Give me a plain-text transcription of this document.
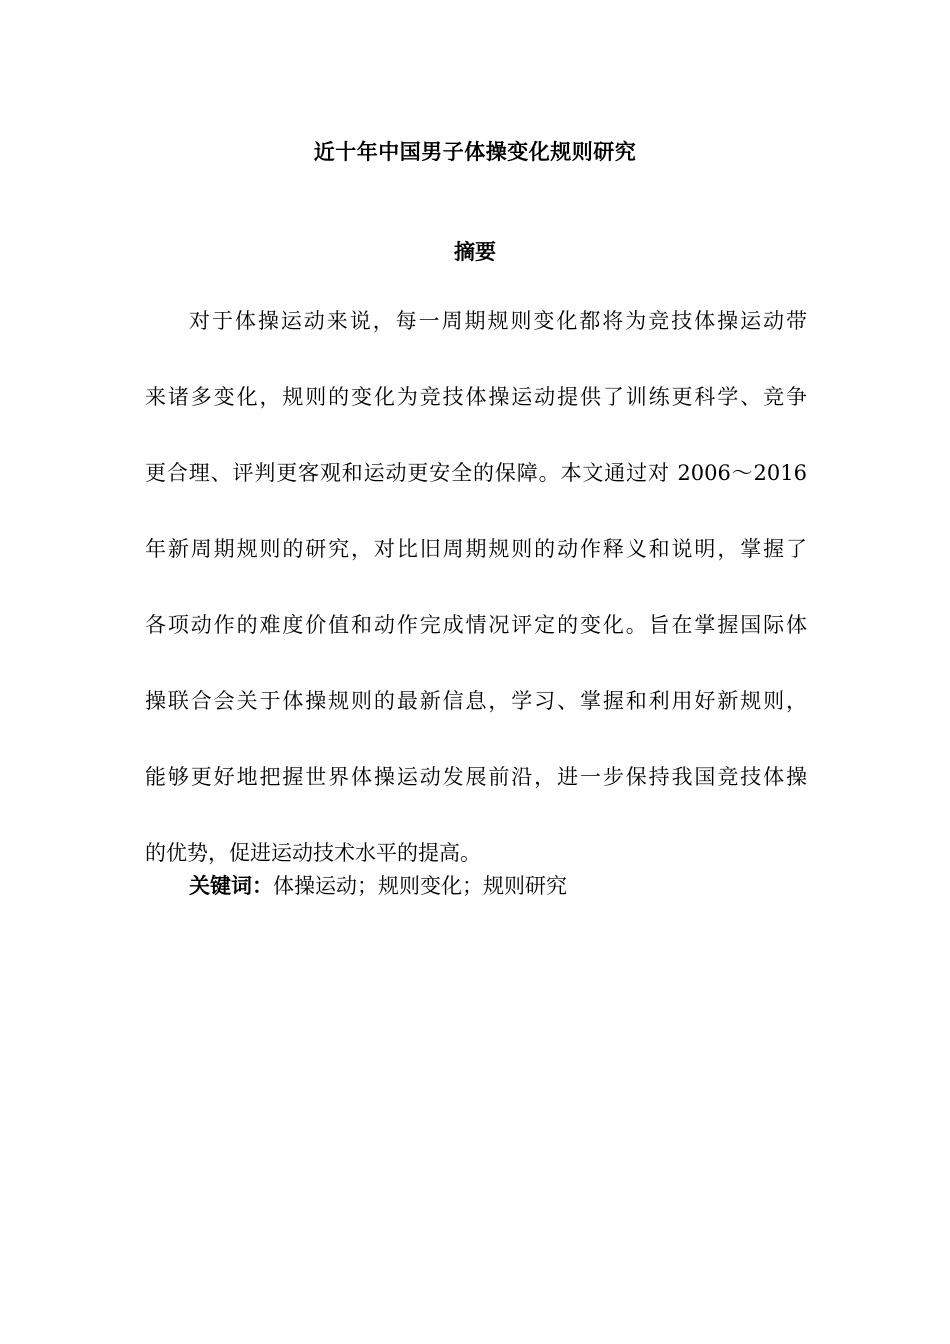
近十年中国男子体操变化规则研究
摘要
对于体操运动来说，每一周期规则变化都将为竞技体操运动带
来诸多变化，规则的变化为竞技体操运动提供了训练更科学、竞争
更合理、评判更客观和运动更安全的保障。本文通过对 2006～2016
年新周期规则的研究，对比旧周期规则的动作释义和说明，掌握了
各项动作的难度价值和动作完成情况评定的变化。旨在掌握国际体
操联合会关于体操规则的最新信息，学习、掌握和利用好新规则，
能够更好地把握世界体操运动发展前沿，进一步保持我国竞技体操
的优势，促进运动技术水平的提高。
关键词：体操运动；规则变化；规则研究
